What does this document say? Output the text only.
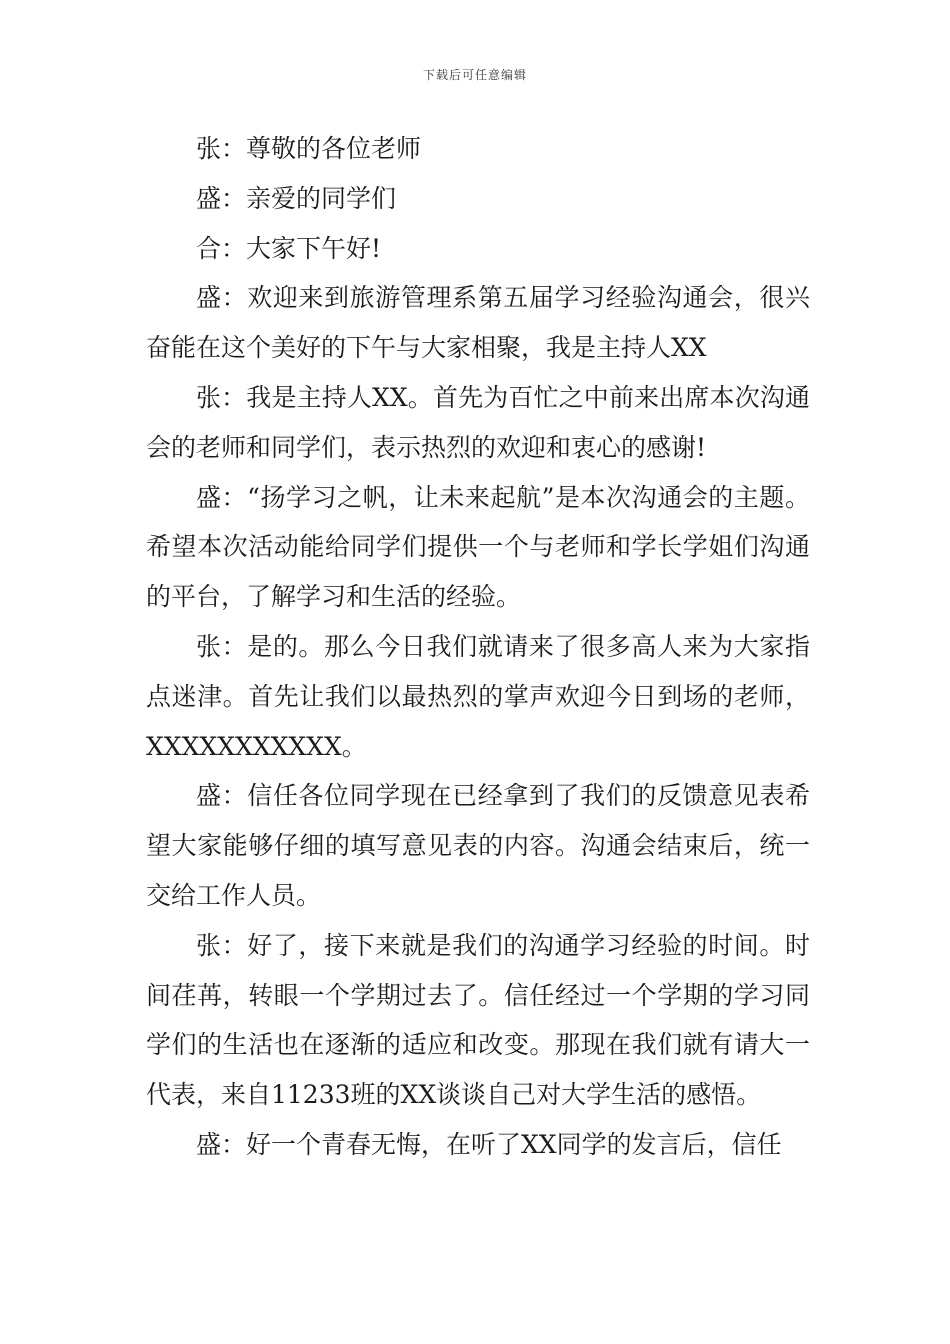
下载后可任意编辑

张：尊敬的各位老师

盛：亲爱的同学们

合：大家下午好!

盛：欢迎来到旅游管理系第五届学习经验沟通会，很兴奋能在这个美好的下午与大家相聚，我是主持人XX

张：我是主持人XX。首先为百忙之中前来出席本次沟通会的老师和同学们，表示热烈的欢迎和衷心的感谢!

盛：“扬学习之帆，让未来起航”是本次沟通会的主题。希望本次活动能给同学们提供一个与老师和学长学姐们沟通的平台，了解学习和生活的经验。

张：是的。那么今日我们就请来了很多高人来为大家指点迷津。首先让我们以最热烈的掌声欢迎今日到场的老师，XXXXXXXXXXX。

盛：信任各位同学现在已经拿到了我们的反馈意见表希望大家能够仔细的填写意见表的内容。沟通会结束后，统一交给工作人员。

张：好了，接下来就是我们的沟通学习经验的时间。时间荏苒，转眼一个学期过去了。信任经过一个学期的学习同学们的生活也在逐渐的适应和改变。那现在我们就有请大一代表，来自11233班的XX谈谈自己对大学生活的感悟。

盛：好一个青春无悔，在听了XX同学的发言后，信任
